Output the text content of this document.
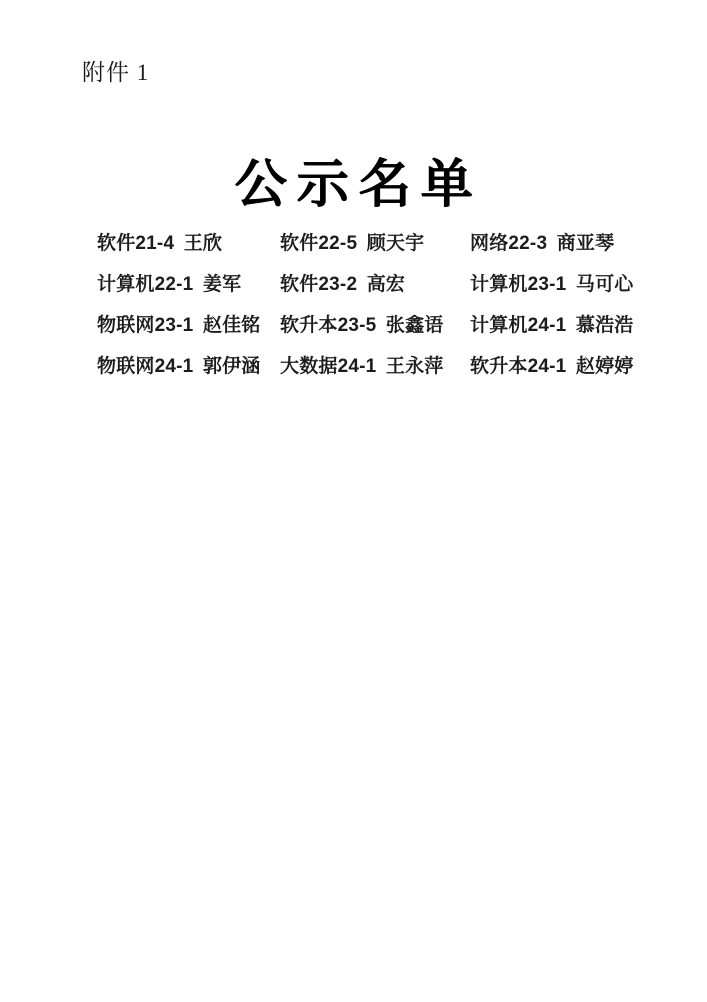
附件 1
公示名单
软件21-4 王欣	软件22-5 顾天宇	网络22-3 商亚琴
计算机22-1 姜军	软件23-2 高宏	计算机23-1 马可心
物联网23-1 赵佳铭	软升本23-5 张鑫语	计算机24-1 慕浩浩
物联网24-1 郭伊涵	大数据24-1 王永萍	软升本24-1 赵婷婷
